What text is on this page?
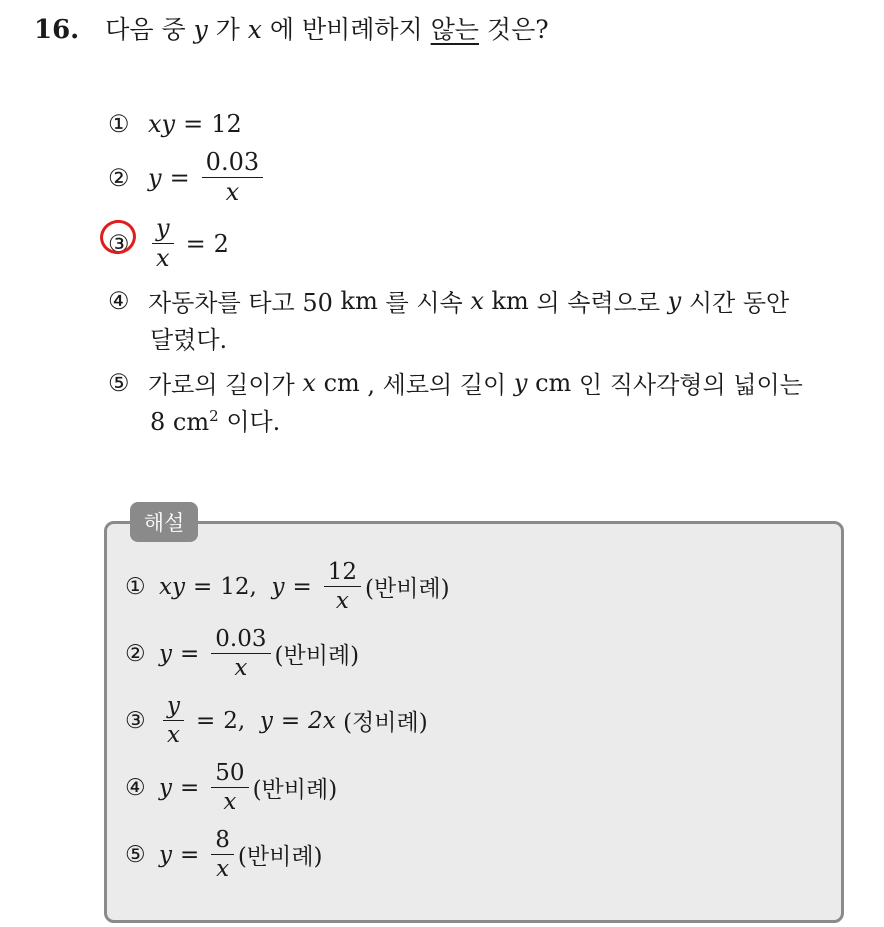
16. 다음 중 y 가 x 에 반비례하지 않는 것은?
① xy = 12
② $y = \frac{0.03}{x}$
③ $\frac{y}{x} = 2$
④ 자동차를 타고 50
km
를 시속
x
km
의 속력으로
y
시간 동안
달렸다.
⑤ 가로의 길이가
x
cm
, 세로의 길이
y
cm
인 직사각형의 넓이는
8 $cm^2$ 이다.
해설
① xy = 12,
$y = \frac{12}{x}$ (반비례)
② $y = \frac{0.03}{x}$ (반비례)
③ $\frac{y}{x} = 2$,
y = 2x
(정비례)
④ $y = \frac{50}{x}$ (반비례)
⑤ $y = \frac{8}{x}$ (반비례)
